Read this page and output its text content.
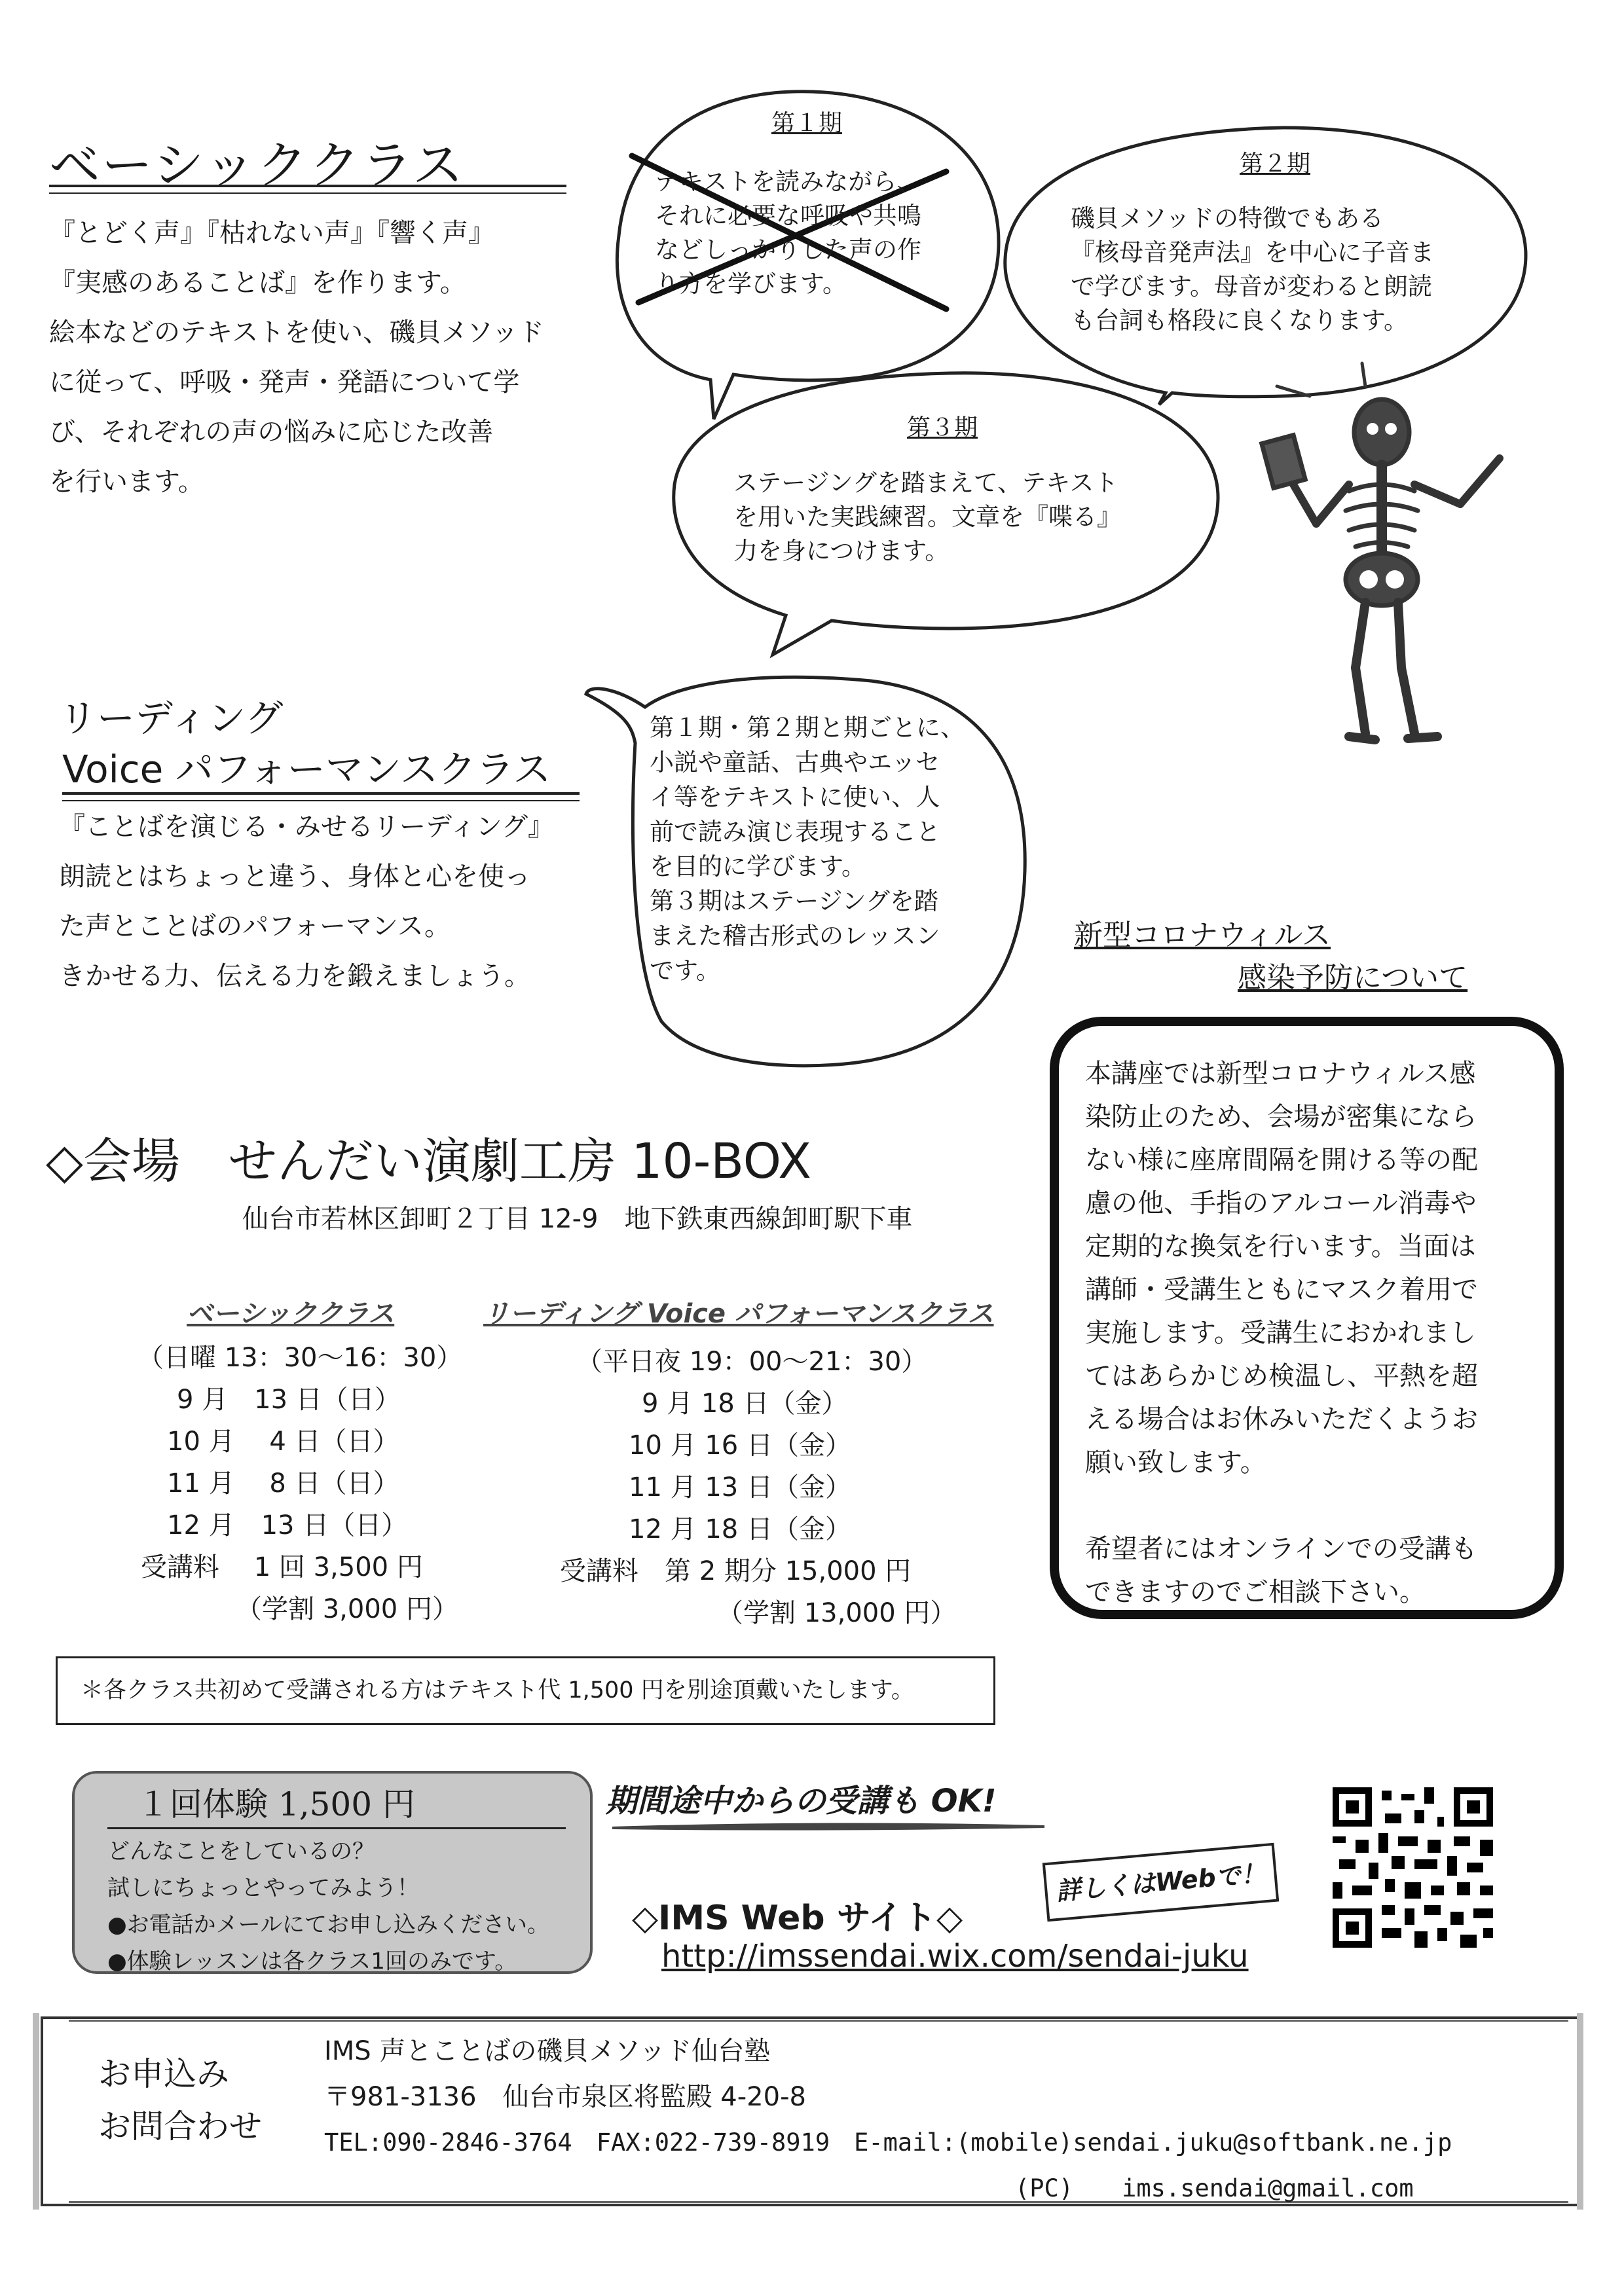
ベーシッククラス
『とどく声』『枯れない声』『響く声』
『実感のあることば』を作ります。
絵本などのテキストを使い、磯貝メソッド
に従って、呼吸・発声・発語について学
び、それぞれの声の悩みに応じた改善
を行います。
第１期
テキストを読みながら、
それに必要な呼吸や共鳴
などしっかりした声の作
り方を学びます。
第２期
磯貝メソッドの特徴でもある
『核母音発声法』を中心に子音ま
で学びます。母音が変わると朗読
も台詞も格段に良くなります。
第３期
ステージングを踏まえて、テキスト
を用いた実践練習。文章を『喋る』
力を身につけます。
第１期・第２期と期ごとに、
小説や童話、古典やエッセ
イ等をテキストに使い、人
前で読み演じ表現すること
を目的に学びます。
第３期はステージングを踏
まえた稽古形式のレッスン
です。
リーディング
Voice パフォーマンスクラス
『ことばを演じる・みせるリーディング』
朗読とはちょっと違う、身体と心を使っ
た声とことばのパフォーマンス。
きかせる力、伝える力を鍛えましょう。
新型コロナウィルス
感染予防について
本講座では新型コロナウィルス感
染防止のため、会場が密集になら
ない様に座席間隔を開ける等の配
慮の他、手指のアルコール消毒や
定期的な換気を行います。当面は
講師・受講生ともにマスク着用で
実施します。受講生におかれまし
てはあらかじめ検温し、平熱を超
える場合はお休みいただくようお
願い致します。
希望者にはオンラインでの受講も
できますのでご相談下さい。
◇会場　せんだい演劇工房 10-BOX
仙台市若林区卸町２丁目 12-9　地下鉄東西線卸町駅下車
ベーシッククラス
（日曜 13：30～16：30）
9 月　13 日（日）
10 月　 4 日（日）
11 月　 8 日（日）
12 月　13 日（日）
受講料　 1 回 3,500 円
（学割 3,000 円）
リーディング Voice パフォーマンスクラス
（平日夜 19：00～21：30）
9 月 18 日（金）
10 月 16 日（金）
11 月 13 日（金）
12 月 18 日（金）
受講料　第 2 期分 15,000 円
（学割 13,000 円）
＊各クラス共初めて受講される方はテキスト代 1,500 円を別途頂戴いたします。
１回体験 1,500 円
どんなことをしているの？
試しにちょっとやってみよう！
●お電話かメールにてお申し込みください。
●体験レッスンは各クラス1回のみです。
期間途中からの受講も OK!
◇IMS Web サイト◇
http://imssendai.wix.com/sendai-juku
詳しくはWebで！
お申込み
お問合わせ
IMS 声とことばの磯貝メソッド仙台塾
〒981-3136　仙台市泉区将監殿 4-20-8
TEL:090-2846-3764　FAX:022-739-8919　E-mail:(mobile)sendai.juku@softbank.ne.jp
(PC)　　ims.sendai@gmail.com
